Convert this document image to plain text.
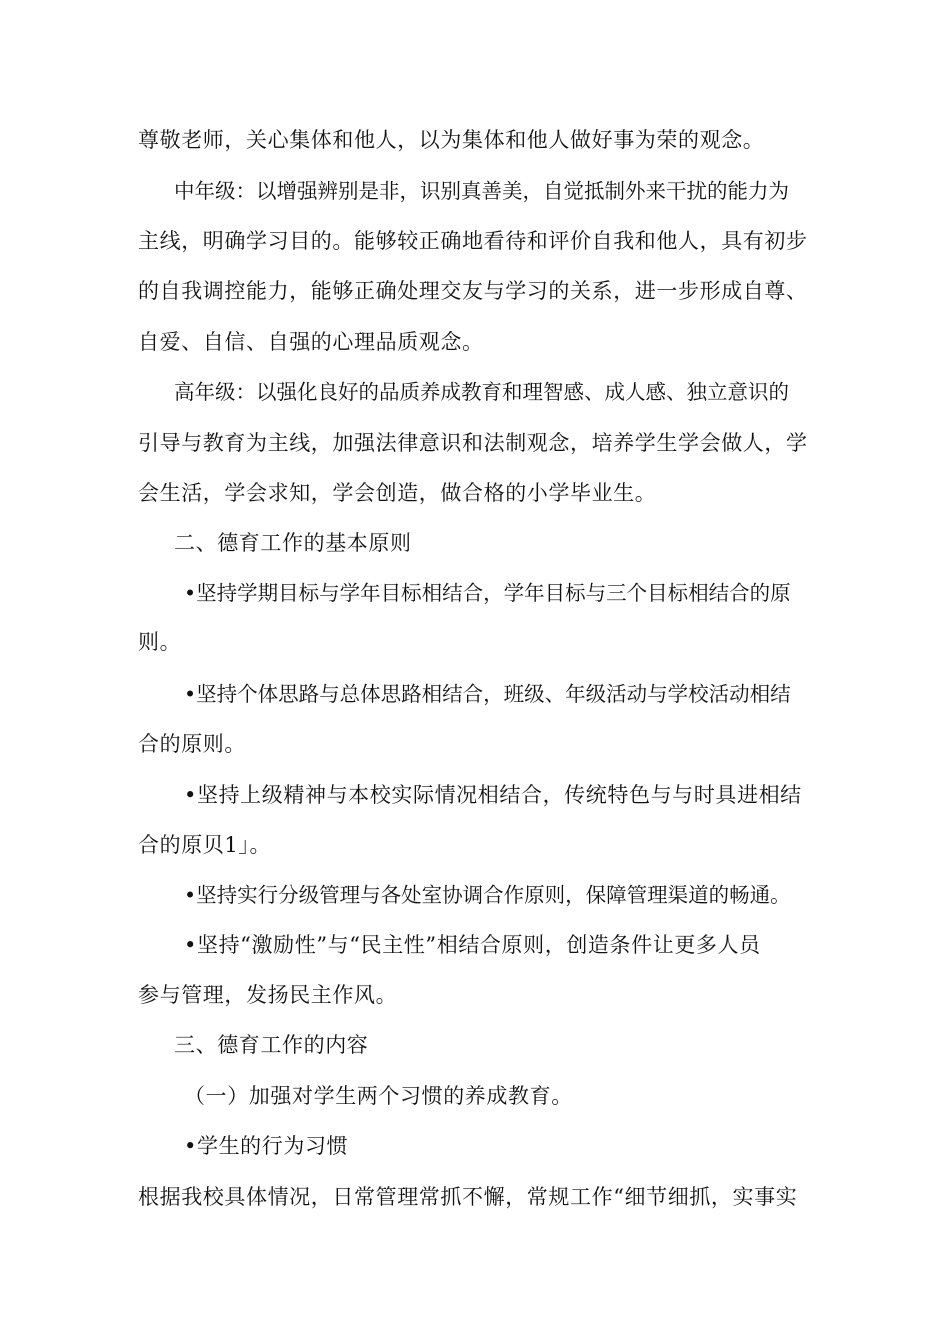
尊敬老师，关心集体和他人，以为集体和他人做好事为荣的观念。

中年级：以增强辨别是非，识别真善美，自觉抵制外来干扰的能力为

主线，明确学习目的。能够较正确地看待和评价自我和他人，具有初步

的自我调控能力，能够正确处理交友与学习的关系，进一步形成自尊、

自爱、自信、自强的心理品质观念。

高年级：以强化良好的品质养成教育和理智感、成人感、独立意识的

引导与教育为主线，加强法律意识和法制观念，培养学生学会做人，学

会生活，学会求知，学会创造，做合格的小学毕业生。

二、德育工作的基本原则

•坚持学期目标与学年目标相结合，学年目标与三个目标相结合的原

则。

•坚持个体思路与总体思路相结合，班级、年级活动与学校活动相结

合的原则。

•坚持上级精神与本校实际情况相结合，传统特色与与时具进相结

合的原贝1」。

•坚持实行分级管理与各处室协调合作原则，保障管理渠道的畅通。

•坚持“激励性”与“民主性”相结合原则，创造条件让更多人员

参与管理，发扬民主作风。

三、德育工作的内容

（一）加强对学生两个习惯的养成教育。

•学生的行为习惯

根据我校具体情况，日常管理常抓不懈，常规工作“细节细抓，实事实
